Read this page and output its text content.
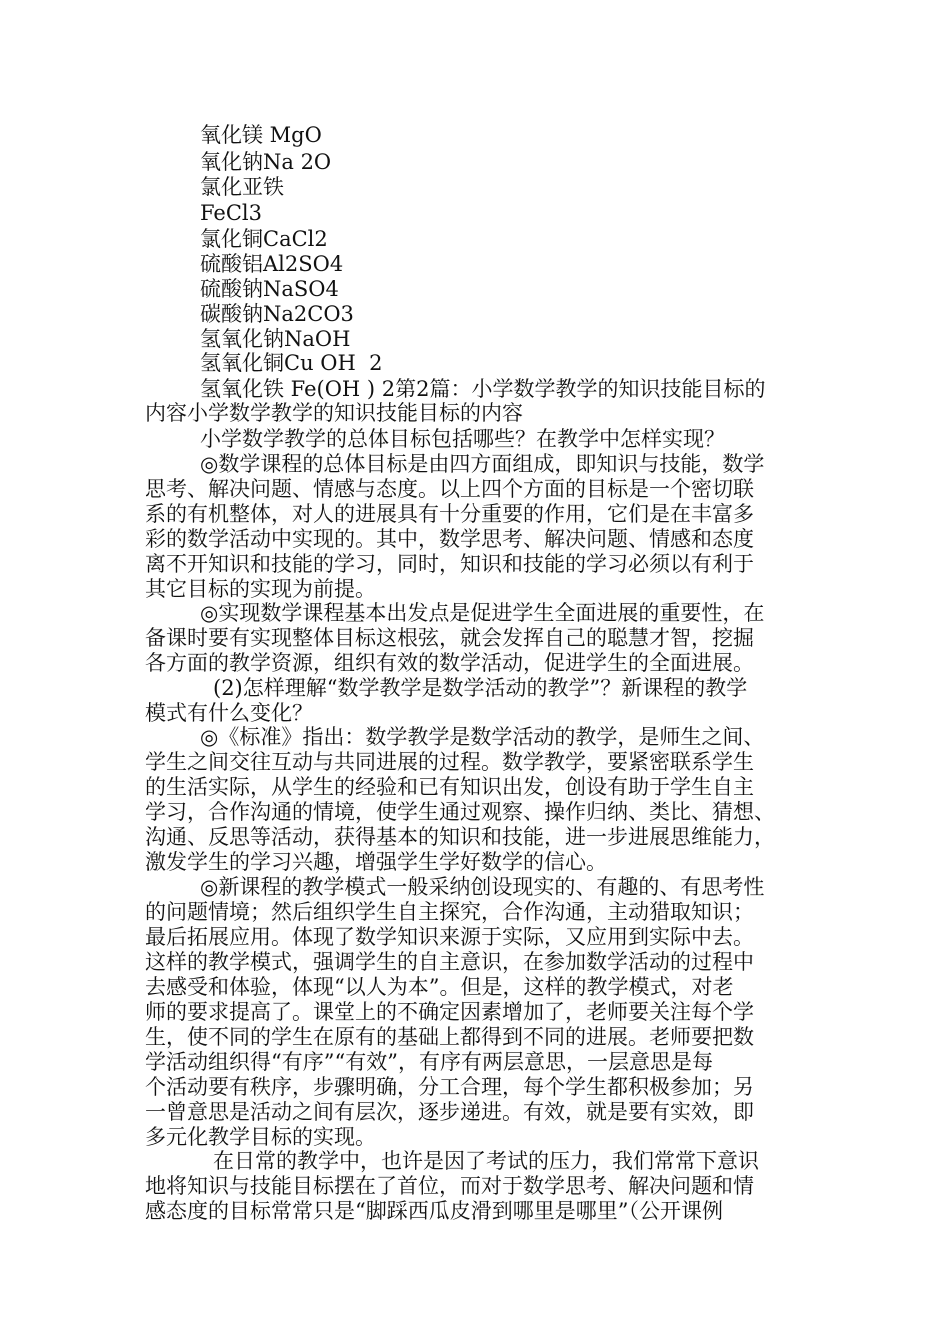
氧化镁 MgO
氧化钠Na 2O
氯化亚铁
FeCl3
氯化铜CaCl2
硫酸铝Al2SO4
硫酸钠NaSO4
碳酸钠Na2CO3
氢氧化钠NaOH
氢氧化铜Cu OH  2
氢氧化铁 Fe(OH ) 2第2篇：小学数学教学的知识技能目标的
内容小学数学教学的知识技能目标的内容
小学数学教学的总体目标包括哪些？在教学中怎样实现？
◎数学课程的总体目标是由四方面组成，即知识与技能，数学
思考、解决问题、情感与态度。以上四个方面的目标是一个密切联
系的有机整体，对人的进展具有十分重要的作用，它们是在丰富多
彩的数学活动中实现的。其中，数学思考、解决问题、情感和态度
离不开知识和技能的学习，同时，知识和技能的学习必须以有利于
其它目标的实现为前提。
◎实现数学课程基本出发点是促进学生全面进展的重要性，在
备课时要有实现整体目标这根弦，就会发挥自己的聪慧才智，挖掘
各方面的教学资源，组织有效的数学活动，促进学生的全面进展。
(2)怎样理解“数学教学是数学活动的教学”？新课程的教学
模式有什么变化？
◎《标准》指出：数学教学是数学活动的教学，是师生之间、
学生之间交往互动与共同进展的过程。数学教学，要紧密联系学生
的生活实际，从学生的经验和已有知识出发，创设有助于学生自主
学习，合作沟通的情境，使学生通过观察、操作归纳、类比、猜想、
沟通、反思等活动，获得基本的知识和技能，进一步进展思维能力，
激发学生的学习兴趣，增强学生学好数学的信心。
◎新课程的教学模式一般采纳创设现实的、有趣的、有思考性
的问题情境；然后组织学生自主探究，合作沟通，主动猎取知识；
最后拓展应用。体现了数学知识来源于实际，又应用到实际中去。
这样的教学模式，强调学生的自主意识，在参加数学活动的过程中
去感受和体验，体现“以人为本”。但是，这样的教学模式，对老
师的要求提高了。课堂上的不确定因素增加了，老师要关注每个学
生，使不同的学生在原有的基础上都得到不同的进展。老师要把数
学活动组织得“有序”“有效”，有序有两层意思，一层意思是每
个活动要有秩序，步骤明确，分工合理，每个学生都积极参加；另
一曾意思是活动之间有层次，逐步递进。有效，就是要有实效，即
多元化教学目标的实现。
在日常的教学中，也许是因了考试的压力，我们常常下意识
地将知识与技能目标摆在了首位，而对于数学思考、解决问题和情
感态度的目标常常只是“脚踩西瓜皮滑到哪里是哪里”（公开课例
